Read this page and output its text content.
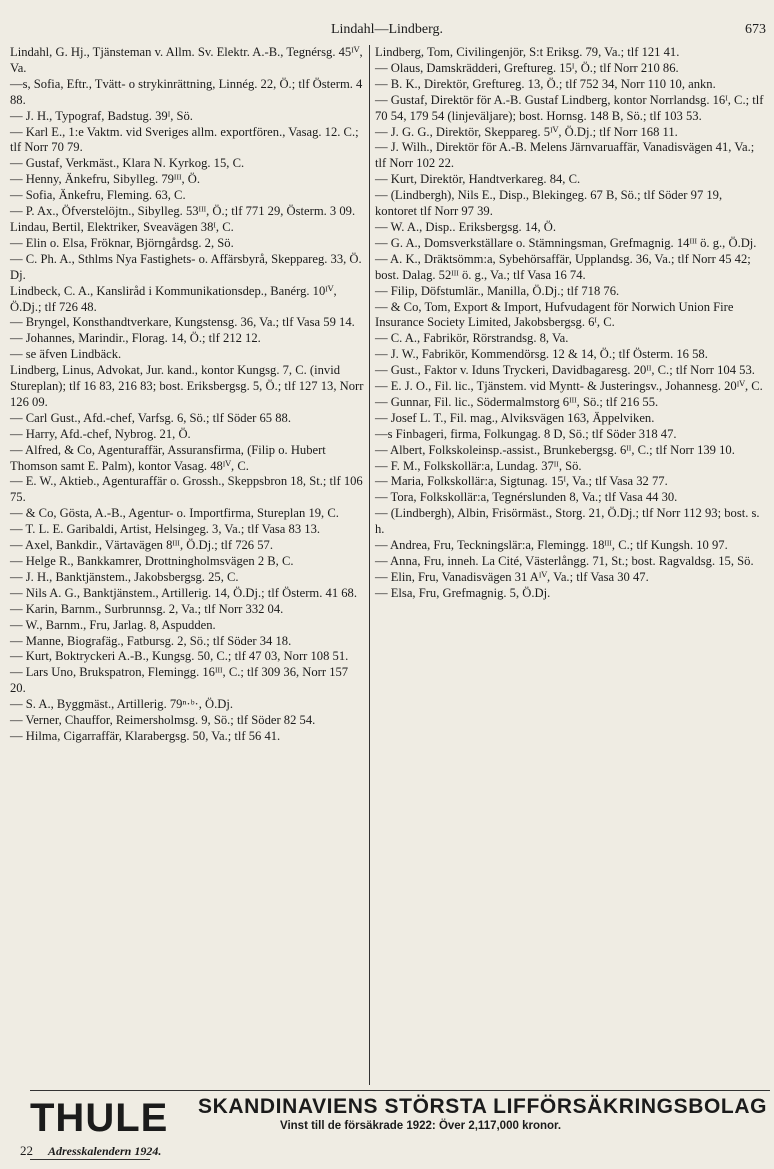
Lindahl—Lindberg.	673

Lindahl, G. Hj., Tjänsteman v. Allm. Sv. Elektr. A.-B., Tegnérsg. 45ᴵⱽ, Va.

—s, Sofia, Eftr., Tvätt- o strykinrättning, Linnég. 22, Ö.; tlf Österm. 4 88.

— J. H., Typograf, Badstug. 39ᴵ, Sö.

— Karl E., 1:e Vaktm. vid Sveriges allm. exportfören., Vasag. 12. C.; tlf Norr 70 79.

— Gustaf, Verkmäst., Klara N. Kyrkog. 15, C.

— Henny, Änkefru, Sibylleg. 79ᴵᴵᴵ, Ö.

— Sofia, Änkefru, Fleming. 63, C.

— P. Ax., Öfverstelöjtn., Sibylleg. 53ᴵᴵᴵ, Ö.; tlf 771 29, Österm. 3 09.

Lindau, Bertil, Elektriker, Sveavägen 38ᴵ, C.

— Elin o. Elsa, Fröknar, Björngårdsg. 2, Sö.

— C. Ph. A., Sthlms Nya Fastighets- o. Affärsbyrå, Skeppareg. 33, Ö. Dj.

Lindbeck, C. A., Kansliråd i Kommunikationsdep., Banérg. 10ᴵⱽ, Ö.Dj.; tlf 726 48.

— Bryngel, Konsthandtverkare, Kungstensg. 36, Va.; tlf Vasa 59 14.

— Johannes, Marindir., Florag. 14, Ö.; tlf 212 12.

— se äfven Lindbäck.

Lindberg, Linus, Advokat, Jur. kand., kontor Kungsg. 7, C. (invid Stureplan); tlf 16 83, 216 83; bost. Eriksbergsg. 5, Ö.; tlf 127 13, Norr 126 09.

— Carl Gust., Afd.-chef, Varfsg. 6, Sö.; tlf Söder 65 88.

— Harry, Afd.-chef, Nybrog. 21, Ö.

— Alfred, & Co, Agenturaffär, Assuransfirma, (Filip o. Hubert Thomson samt E. Palm), kontor Vasag. 48ᴵⱽ, C.

— E. W., Aktieb., Agenturaffär o. Grossh., Skeppsbron 18, St.; tlf 106 75.

— & Co, Gösta, A.-B., Agentur- o. Importfirma, Stureplan 19, C.

— T. L. E. Garibaldi, Artist, Helsingeg. 3, Va.; tlf Vasa 83 13.

— Axel, Bankdir., Värtavägen 8ᴵᴵᴵ, Ö.Dj.; tlf 726 57.

— Helge R., Bankkamrer, Drottningholmsvägen 2 B, C.

— J. H., Banktjänstem., Jakobsbergsg. 25, C.

— Nils A. G., Banktjänstem., Artillerig. 14, Ö.Dj.; tlf Österm. 41 68.

— Karin, Barnm., Surbrunnsg. 2, Va.; tlf Norr 332 04.

— W., Barnm., Fru, Jarlag. 8, Aspudden.

— Manne, Biografäg., Fatbursg. 2, Sö.; tlf Söder 34 18.

— Kurt, Boktryckeri A.-B., Kungsg. 50, C.; tlf 47 03, Norr 108 51.

— Lars Uno, Brukspatron, Flemingg. 16ᴵᴵᴵ, C.; tlf 309 36, Norr 157 20.

— S. A., Byggmäst., Artillerig. 79ⁿ·ᵇ·, Ö.Dj.

— Verner, Chauffor, Reimersholmsg. 9, Sö.; tlf Söder 82 54.

— Hilma, Cigarraffär, Klarabergsg. 50, Va.; tlf 56 41.

Lindberg, Tom, Civilingenjör, S:t Eriksg. 79, Va.; tlf 121 41.

— Olaus, Damskrädderi, Greftureg. 15ᴵ, Ö.; tlf Norr 210 86.

— B. K., Direktör, Greftureg. 13, Ö.; tlf 752 34, Norr 110 10, ankn.

— Gustaf, Direktör för A.-B. Gustaf Lindberg, kontor Norrlandsg. 16ᴵ, C.; tlf 70 54, 179 54 (linjeväljare); bost. Hornsg. 148 B, Sö.; tlf 103 53.

— J. G. G., Direktör, Skeppareg. 5ᴵⱽ, Ö.Dj.; tlf Norr 168 11.

— J. Wilh., Direktör för A.-B. Melens Järnvaruaffär, Vanadisvägen 41, Va.; tlf Norr 102 22.

— Kurt, Direktör, Handtverkareg. 84, C.

— (Lindbergh), Nils E., Disp., Blekingeg. 67 B, Sö.; tlf Söder 97 19, kontoret tlf Norr 97 39.

— W. A., Disp.. Eriksbergsg. 14, Ö.

— G. A., Domsverkställare o. Stämningsman, Grefmagnig. 14ᴵᴵᴵ ö. g., Ö.Dj.

— A. K., Dräktsömm:a, Sybehörsaffär, Upplandsg. 36, Va.; tlf Norr 45 42; bost. Dalag. 52ᴵᴵᴵ ö. g., Va.; tlf Vasa 16 74.

— Filip, Döfstumlär., Manilla, Ö.Dj.; tlf 718 76.

— & Co, Tom, Export & Import, Hufvudagent för Norwich Union Fire Insurance Society Limited, Jakobsbergsg. 6ᴵ, C.

— C. A., Fabrikör, Rörstrandsg. 8, Va.

— J. W., Fabrikör, Kommendörsg. 12 & 14, Ö.; tlf Österm. 16 58.

— Gust., Faktor v. Iduns Tryckeri, Davidbagaresg. 20ᴵᴵ, C.; tlf Norr 104 53.

— E. J. O., Fil. lic., Tjänstem. vid Myntt- & Justeringsv., Johannesg. 20ᴵⱽ, C.

— Gunnar, Fil. lic., Södermalmstorg 6ᴵᴵᴵ, Sö.; tlf 216 55.

— Josef L. T., Fil. mag., Alviksvägen 163, Äppelviken.

—s Finbageri, firma, Folkungag. 8 D, Sö.; tlf Söder 318 47.

— Albert, Folkskoleinsp.-assist., Brunkebergsg. 6ᴵᴵ, C.; tlf Norr 139 10.

— F. M., Folkskollär:a, Lundag. 37ᴵᴵ, Sö.

— Maria, Folkskollär:a, Sigtunag. 15ᴵ, Va.; tlf Vasa 32 77.

— Tora, Folkskollär:a, Tegnérslunden 8, Va.; tlf Vasa 44 30.

— (Lindbergh), Albin, Frisörmäst., Storg. 21, Ö.Dj.; tlf Norr 112 93; bost. s. h.

— Andrea, Fru, Teckningslär:a, Flemingg. 18ᴵᴵᴵ, C.; tlf Kungsh. 10 97.

— Anna, Fru, inneh. La Cité, Västerlångg. 71, St.; bost. Ragvaldsg. 15, Sö.

— Elin, Fru, Vanadisvägen 31 Aᴵⱽ, Va.; tlf Vasa 30 47.

— Elsa, Fru, Grefmagnig. 5, Ö.Dj.

THULE SKANDINAVIENS STÖRSTA LIFFÖRSÄKRINGSBOLAG
Vinst till de försäkrade 1922: Över 2,117,000 kronor.
22 Adresskalendern 1924.
